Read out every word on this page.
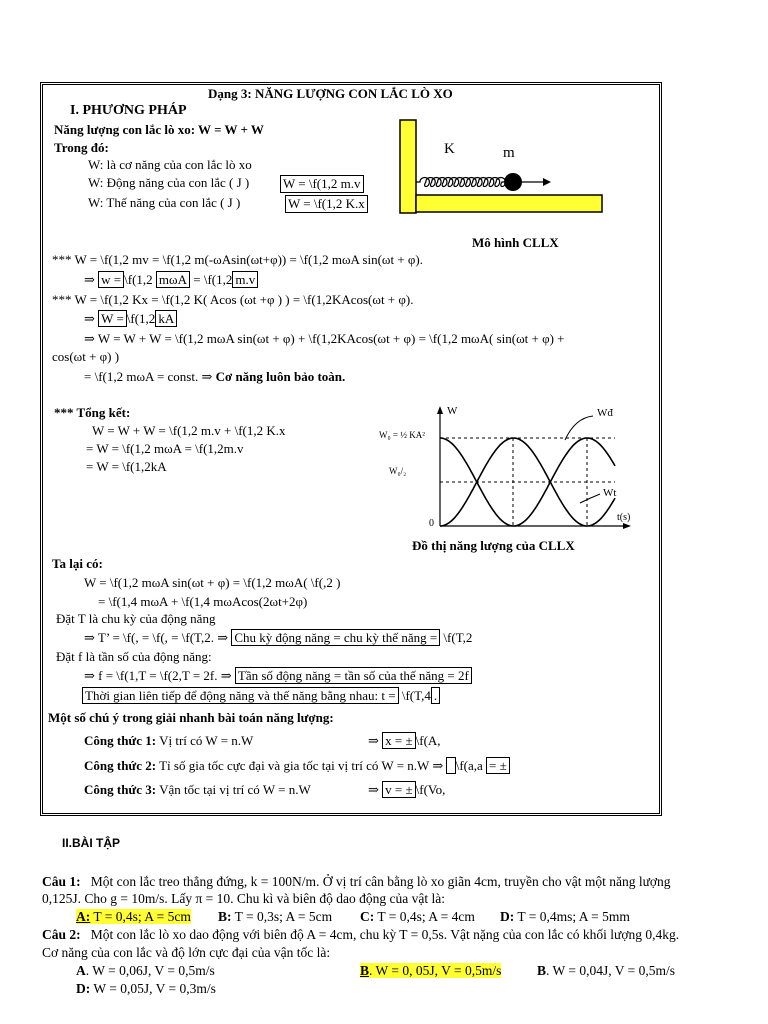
Dạng 3: NĂNG LƯỢNG CON LẮC LÒ XO
I. PHƯƠNG PHÁP
Năng lượng con lắc lò xo: W = W + W
Trong đó:
W: là cơ năng của con lắc lò xo
W: Động năng của con lắc ( J )	W = \f(1,2 m.v
W: Thế năng của con lắc ( J )	W = \f(1,2 K.x
K	m
Mô hình CLLX
*** W = \f(1,2 mv = \f(1,2 m(-ωAsin(ωt+φ)) = \f(1,2 mωA sin(ωt + φ).
⇒ w = \f(1,2 mωA = \f(1,2 m.v
*** W = \f(1,2 Kx = \f(1,2 K( Acos (ωt +φ ) ) = \f(1,2KAcos(ωt + φ).
⇒ W = \f(1,2 kA
⇒ W = W + W = \f(1,2 mωA sin(ωt + φ) + \f(1,2KAcos(ωt + φ) = \f(1,2 mωA( sin(ωt + φ) +
cos(ωt + φ) )
= \f(1,2 mωA = const. ⇒ Cơ năng luôn bảo toàn.
*** Tổng kết:
W = W + W = \f(1,2 m.v + \f(1,2 K.x
= W = \f(1,2 mωA = \f(1,2m.v
= W = \f(1,2kA
W
t(s)
W₀ = ½ KA²
W₀/₂
0
Wđ
Wt
Đồ thị năng lượng của CLLX
Ta lại có:
W = \f(1,2 mωA sin(ωt + φ) = \f(1,2 mωA( \f(,2 )
= \f(1,4 mωA + \f(1,4 mωAcos(2ωt+2φ)
Đặt T là chu kỳ của động năng
⇒ T’ = \f(, = \f(, = \f(T,2. ⇒ Chu kỳ động năng = chu kỳ thế năng = \f(T,2
Đặt f là tần số của động năng:
⇒ f = \f(1,T = \f(2,T = 2f. ⇒ Tần số động năng = tần số của thế năng = 2f
Thời gian liên tiếp để động năng và thế năng bằng nhau: t = \f(T,4 .
Một số chú ý trong giải nhanh bài toán năng lượng:
Công thức 1: Vị trí có W = n.W	⇒ x = ± \f(A,
Công thức 2: Tỉ số gia tốc cực đại và gia tốc tại vị trí có W = n.W ⇒ \f(a,a = ±
Công thức 3: Vận tốc tại vị trí có W = n.W	⇒ v = ± \f(Vo,
II.BÀI TẬP
Câu 1: Một con lắc treo thẳng đứng, k = 100N/m. Ở vị trí cân bằng lò xo giãn 4cm, truyền cho vật một năng lượng
0,125J. Cho g = 10m/s. Lấy π = 10. Chu kì và biên độ dao động của vật là:
A: T = 0,4s; A = 5cm B: T = 0,3s; A = 5cm C: T = 0,4s; A = 4cm D: T = 0,4ms; A = 5mm
Câu 2: Một con lắc lò xo dao động với biên độ A = 4cm, chu kỳ T = 0,5s. Vật nặng của con lắc có khối lượng 0,4kg.
Cơ năng của con lắc và độ lớn cực đại của vận tốc là:
A. W = 0,06J, V = 0,5m/s	B. W = 0, 05J, V = 0,5m/s	B. W = 0,04J, V = 0,5m/s
D: W = 0,05J, V = 0,3m/s
